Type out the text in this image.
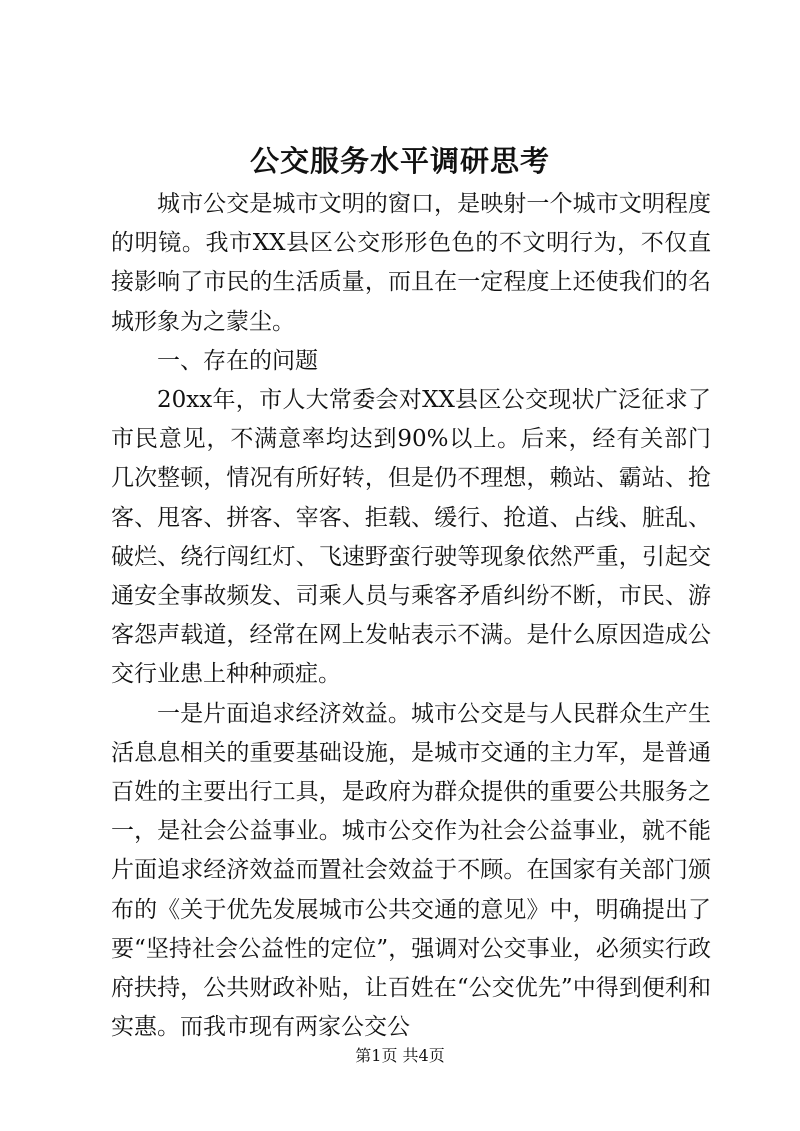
公交服务水平调研思考

城市公交是城市文明的窗口，是映射一个城市文明程度的明镜。我市XX县区公交形形色色的不文明行为，不仅直接影响了市民的生活质量，而且在一定程度上还使我们的名城形象为之蒙尘。

一、存在的问题

20xx年，市人大常委会对XX县区公交现状广泛征求了市民意见，不满意率均达到90%以上。后来，经有关部门几次整顿，情况有所好转，但是仍不理想，赖站、霸站、抢客、甩客、拼客、宰客、拒载、缓行、抢道、占线、脏乱、破烂、绕行闯红灯、飞速野蛮行驶等现象依然严重，引起交通安全事故频发、司乘人员与乘客矛盾纠纷不断，市民、游客怨声载道，经常在网上发帖表示不满。是什么原因造成公交行业患上种种顽症。

一是片面追求经济效益。城市公交是与人民群众生产生活息息相关的重要基础设施，是城市交通的主力军，是普通百姓的主要出行工具，是政府为群众提供的重要公共服务之一，是社会公益事业。城市公交作为社会公益事业，就不能片面追求经济效益而置社会效益于不顾。在国家有关部门颁布的《关于优先发展城市公共交通的意见》中，明确提出了要“坚持社会公益性的定位”，强调对公交事业，必须实行政府扶持，公共财政补贴，让百姓在“公交优先”中得到便利和实惠。而我市现有两家公交公

第1页 共4页
